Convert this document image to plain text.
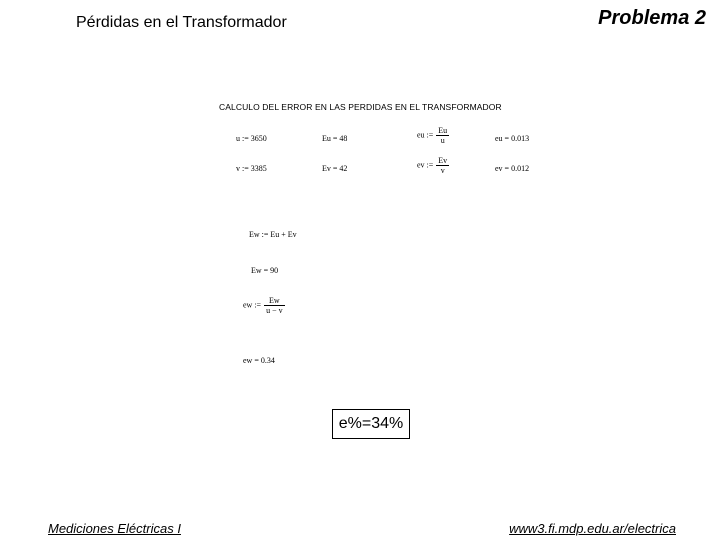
Pérdidas en el Transformador	Problema 2
CALCULO DEL ERROR EN LAS PERDIDAS EN EL TRANSFORMADOR
u := 3650	Eu = 48	eu := $\frac{Eu}{u}$	eu = 0.013
v := 3385	Ev = 42	ev := $\frac{Ev}{v}$	ev = 0.012
Ew := Eu + Ev
Ew = 90
ew := $\frac{Ew}{u - v}$
ew = 0.34
e%=34%
Mediciones Eléctricas I	www3.fi.mdp.edu.ar/electrica
